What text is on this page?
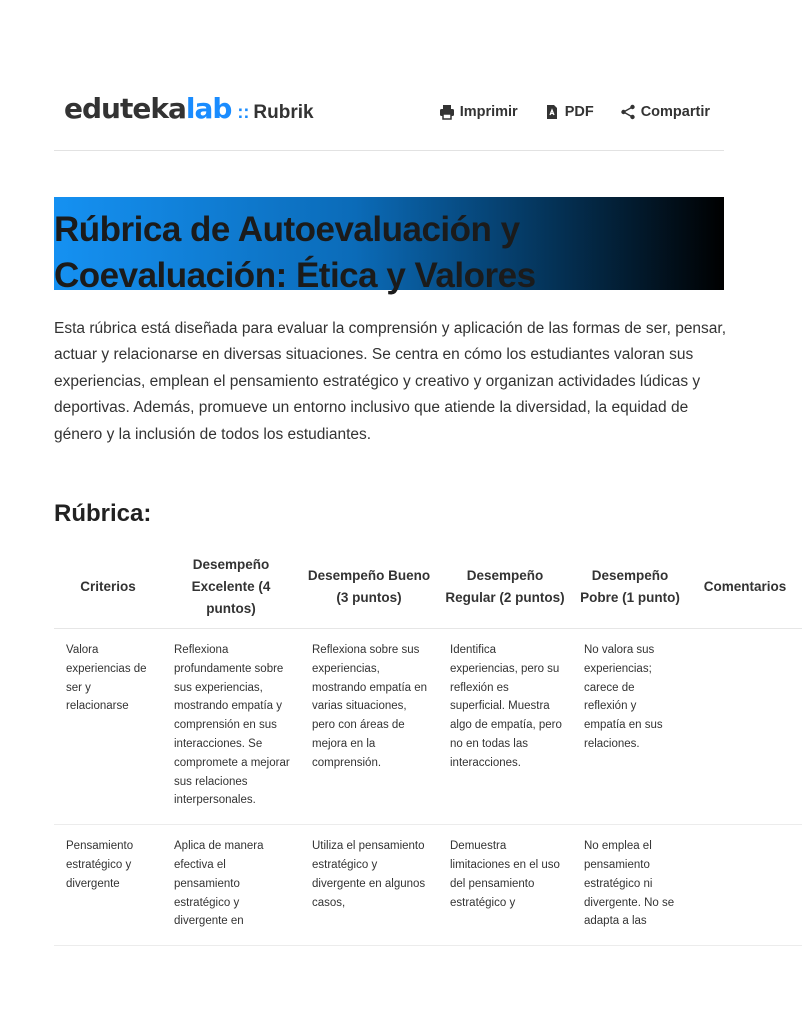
eduteka lab :: Rubrik	Imprimir	PDF	Compartir
Rúbrica de Autoevaluación y Coevaluación: Ética y Valores

Esta rúbrica está diseñada para evaluar la comprensión y aplicación de las formas de ser, pensar, actuar y relacionarse en diversas situaciones. Se centra en cómo los estudiantes valoran sus experiencias, emplean el pensamiento estratégico y creativo y organizan actividades lúdicas y deportivas. Además, promueve un entorno inclusivo que atiende la diversidad, la equidad de género y la inclusión de todos los estudiantes.

Rúbrica:
Criterios	Desempeño Excelente (4 puntos)	Desempeño Bueno (3 puntos)	Desempeño Regular (2 puntos)	Desempeño Pobre (1 punto)	Comentarios
Valora experiencias de ser y relacionarse	Reflexiona profundamente sobre sus experiencias, mostrando empatía y comprensión en sus interacciones. Se compromete a mejorar sus relaciones interpersonales.	Reflexiona sobre sus experiencias, mostrando empatía en varias situaciones, pero con áreas de mejora en la comprensión.	Identifica experiencias, pero su reflexión es superficial. Muestra algo de empatía, pero no en todas las interacciones.	No valora sus experiencias; carece de reflexión y empatía en sus relaciones.	
Pensamiento estratégico y divergente	Aplica de manera efectiva el pensamiento estratégico y divergente en	Utiliza el pensamiento estratégico y divergente en algunos casos,	Demuestra limitaciones en el uso del pensamiento estratégico y	No emplea el pensamiento estratégico ni divergente. No se adapta a las	
